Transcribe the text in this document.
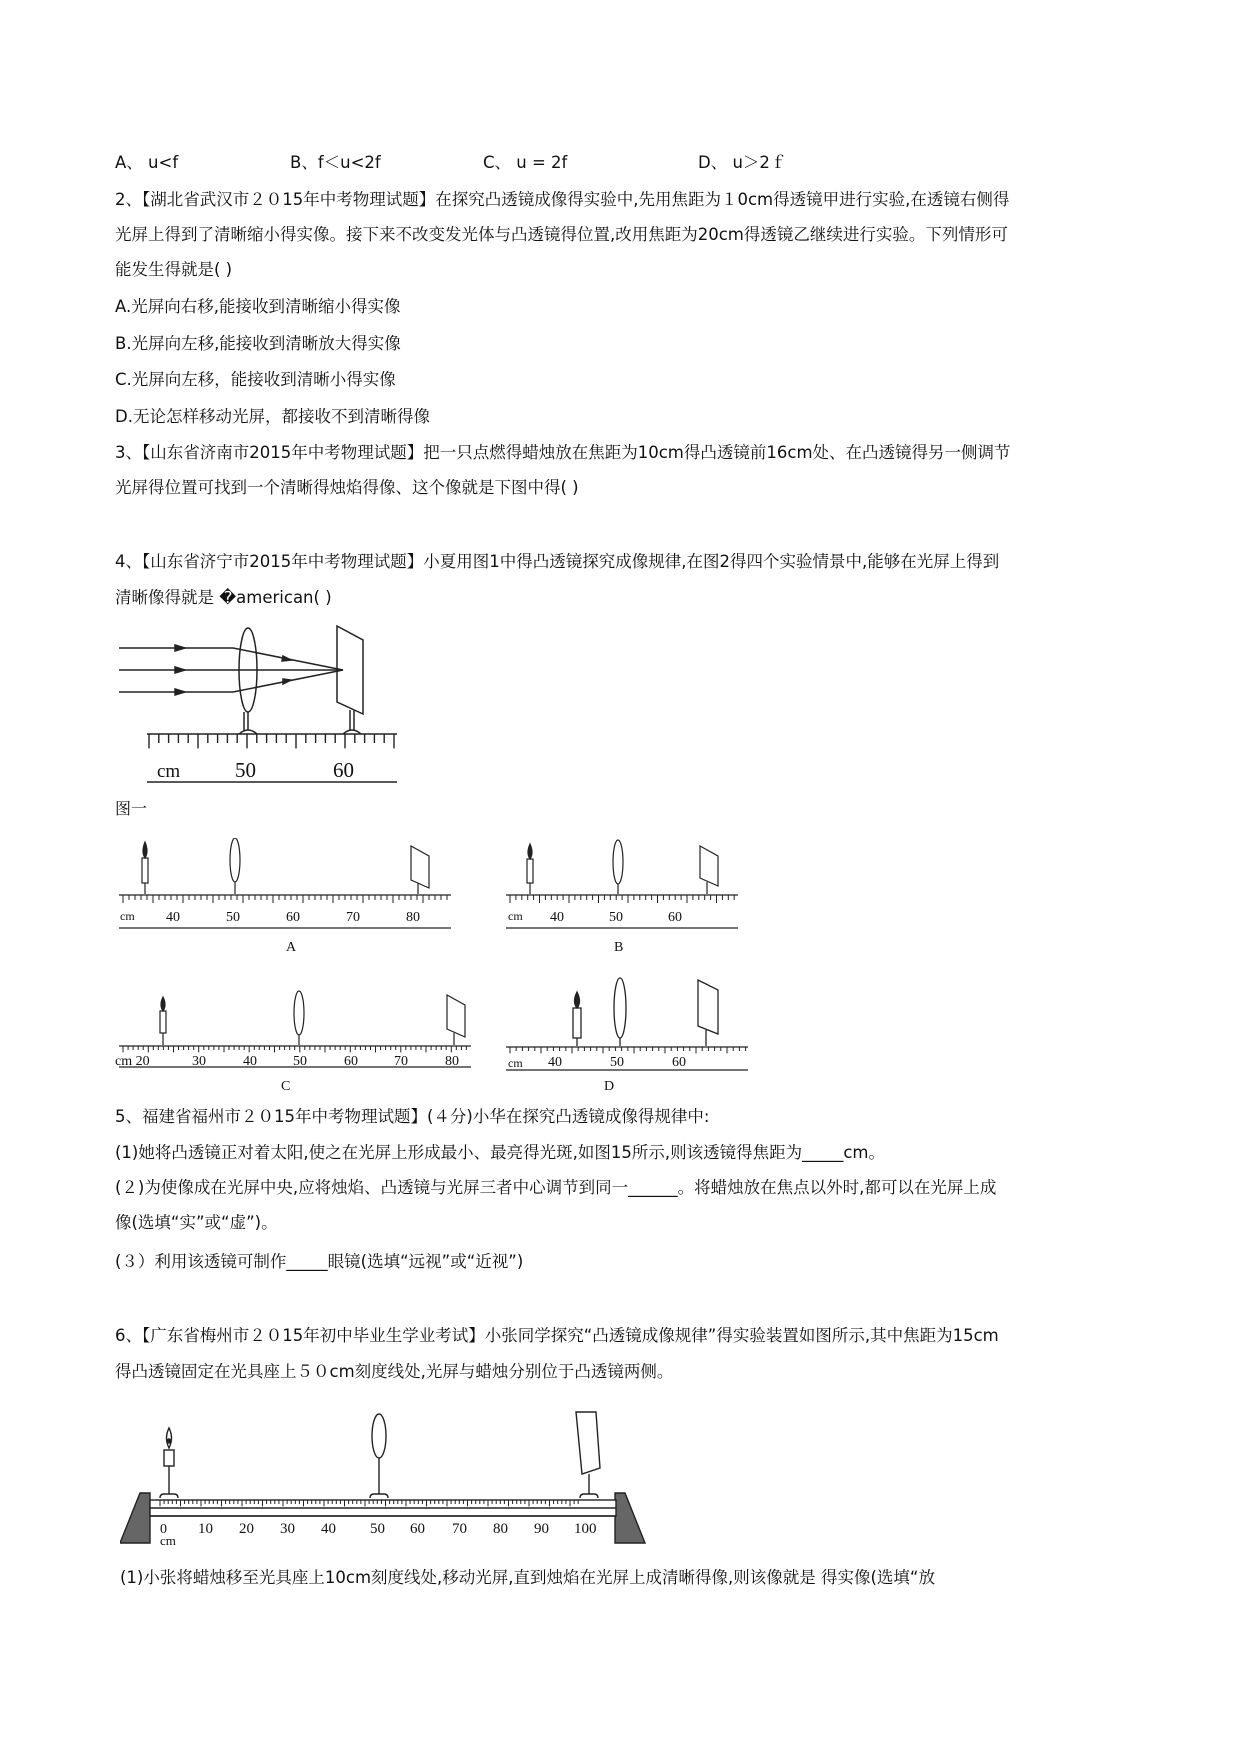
A、 u<f	B、f＜u<2f	C、 u = 2f	D、 u＞2ｆ
2、【湖北省武汉市２０15年中考物理试题】在探究凸透镜成像得实验中,先用焦距为１0cm得透镜甲进行实验,在透镜右侧得
光屏上得到了清晰缩小得实像。接下来不改变发光体与凸透镜得位置,改用焦距为20cm得透镜乙继续进行实验。下列情形可
能发生得就是( )
A.光屏向右移,能接收到清晰缩小得实像
B.光屏向左移,能接收到清晰放大得实像
C.光屏向左移，能接收到清晰小得实像
D.无论怎样移动光屏，都接收不到清晰得像
3、【山东省济南市2015年中考物理试题】把一只点燃得蜡烛放在焦距为10cm得凸透镜前16cm处、在凸透镜得另一侧调节
光屏得位置可找到一个清晰得烛焰得像、这个像就是下图中得( )
4、【山东省济宁市2015年中考物理试题】小夏用图1中得凸透镜探究成像规律,在图2得四个实验情景中,能够在光屏上得到
清晰像得就是 �american( )
cm	50	60
图一
cm 40	50	60	70	80
A
cm 40	50	60
B
cm 20	30	40	50	60	70	80
C
cm 40	50	60
D
5、福建省福州市２０15年中考物理试题】(４分)小华在探究凸透镜成像得规律中:
(1)她将凸透镜正对着太阳,使之在光屏上形成最小、最亮得光斑,如图15所示,则该透镜得焦距为_____cm。
(２)为使像成在光屏中央,应将烛焰、凸透镜与光屏三者中心调节到同一______。将蜡烛放在焦点以外时,都可以在光屏上成
像(选填“实”或“虚”)。
(３）利用该透镜可制作_____眼镜(选填“远视”或“近视”)
6、【广东省梅州市２０15年初中毕业生学业考试】小张同学探究“凸透镜成像规律”得实验装置如图所示,其中焦距为15cm
得凸透镜固定在光具座上５０cm刻度线处,光屏与蜡烛分别位于凸透镜两侧。
0
cm
10 20 30 40 50 60 70 80 90 100
(1)小张将蜡烛移至光具座上10cm刻度线处,移动光屏,直到烛焰在光屏上成清晰得像,则该像就是 得实像(选填“放
